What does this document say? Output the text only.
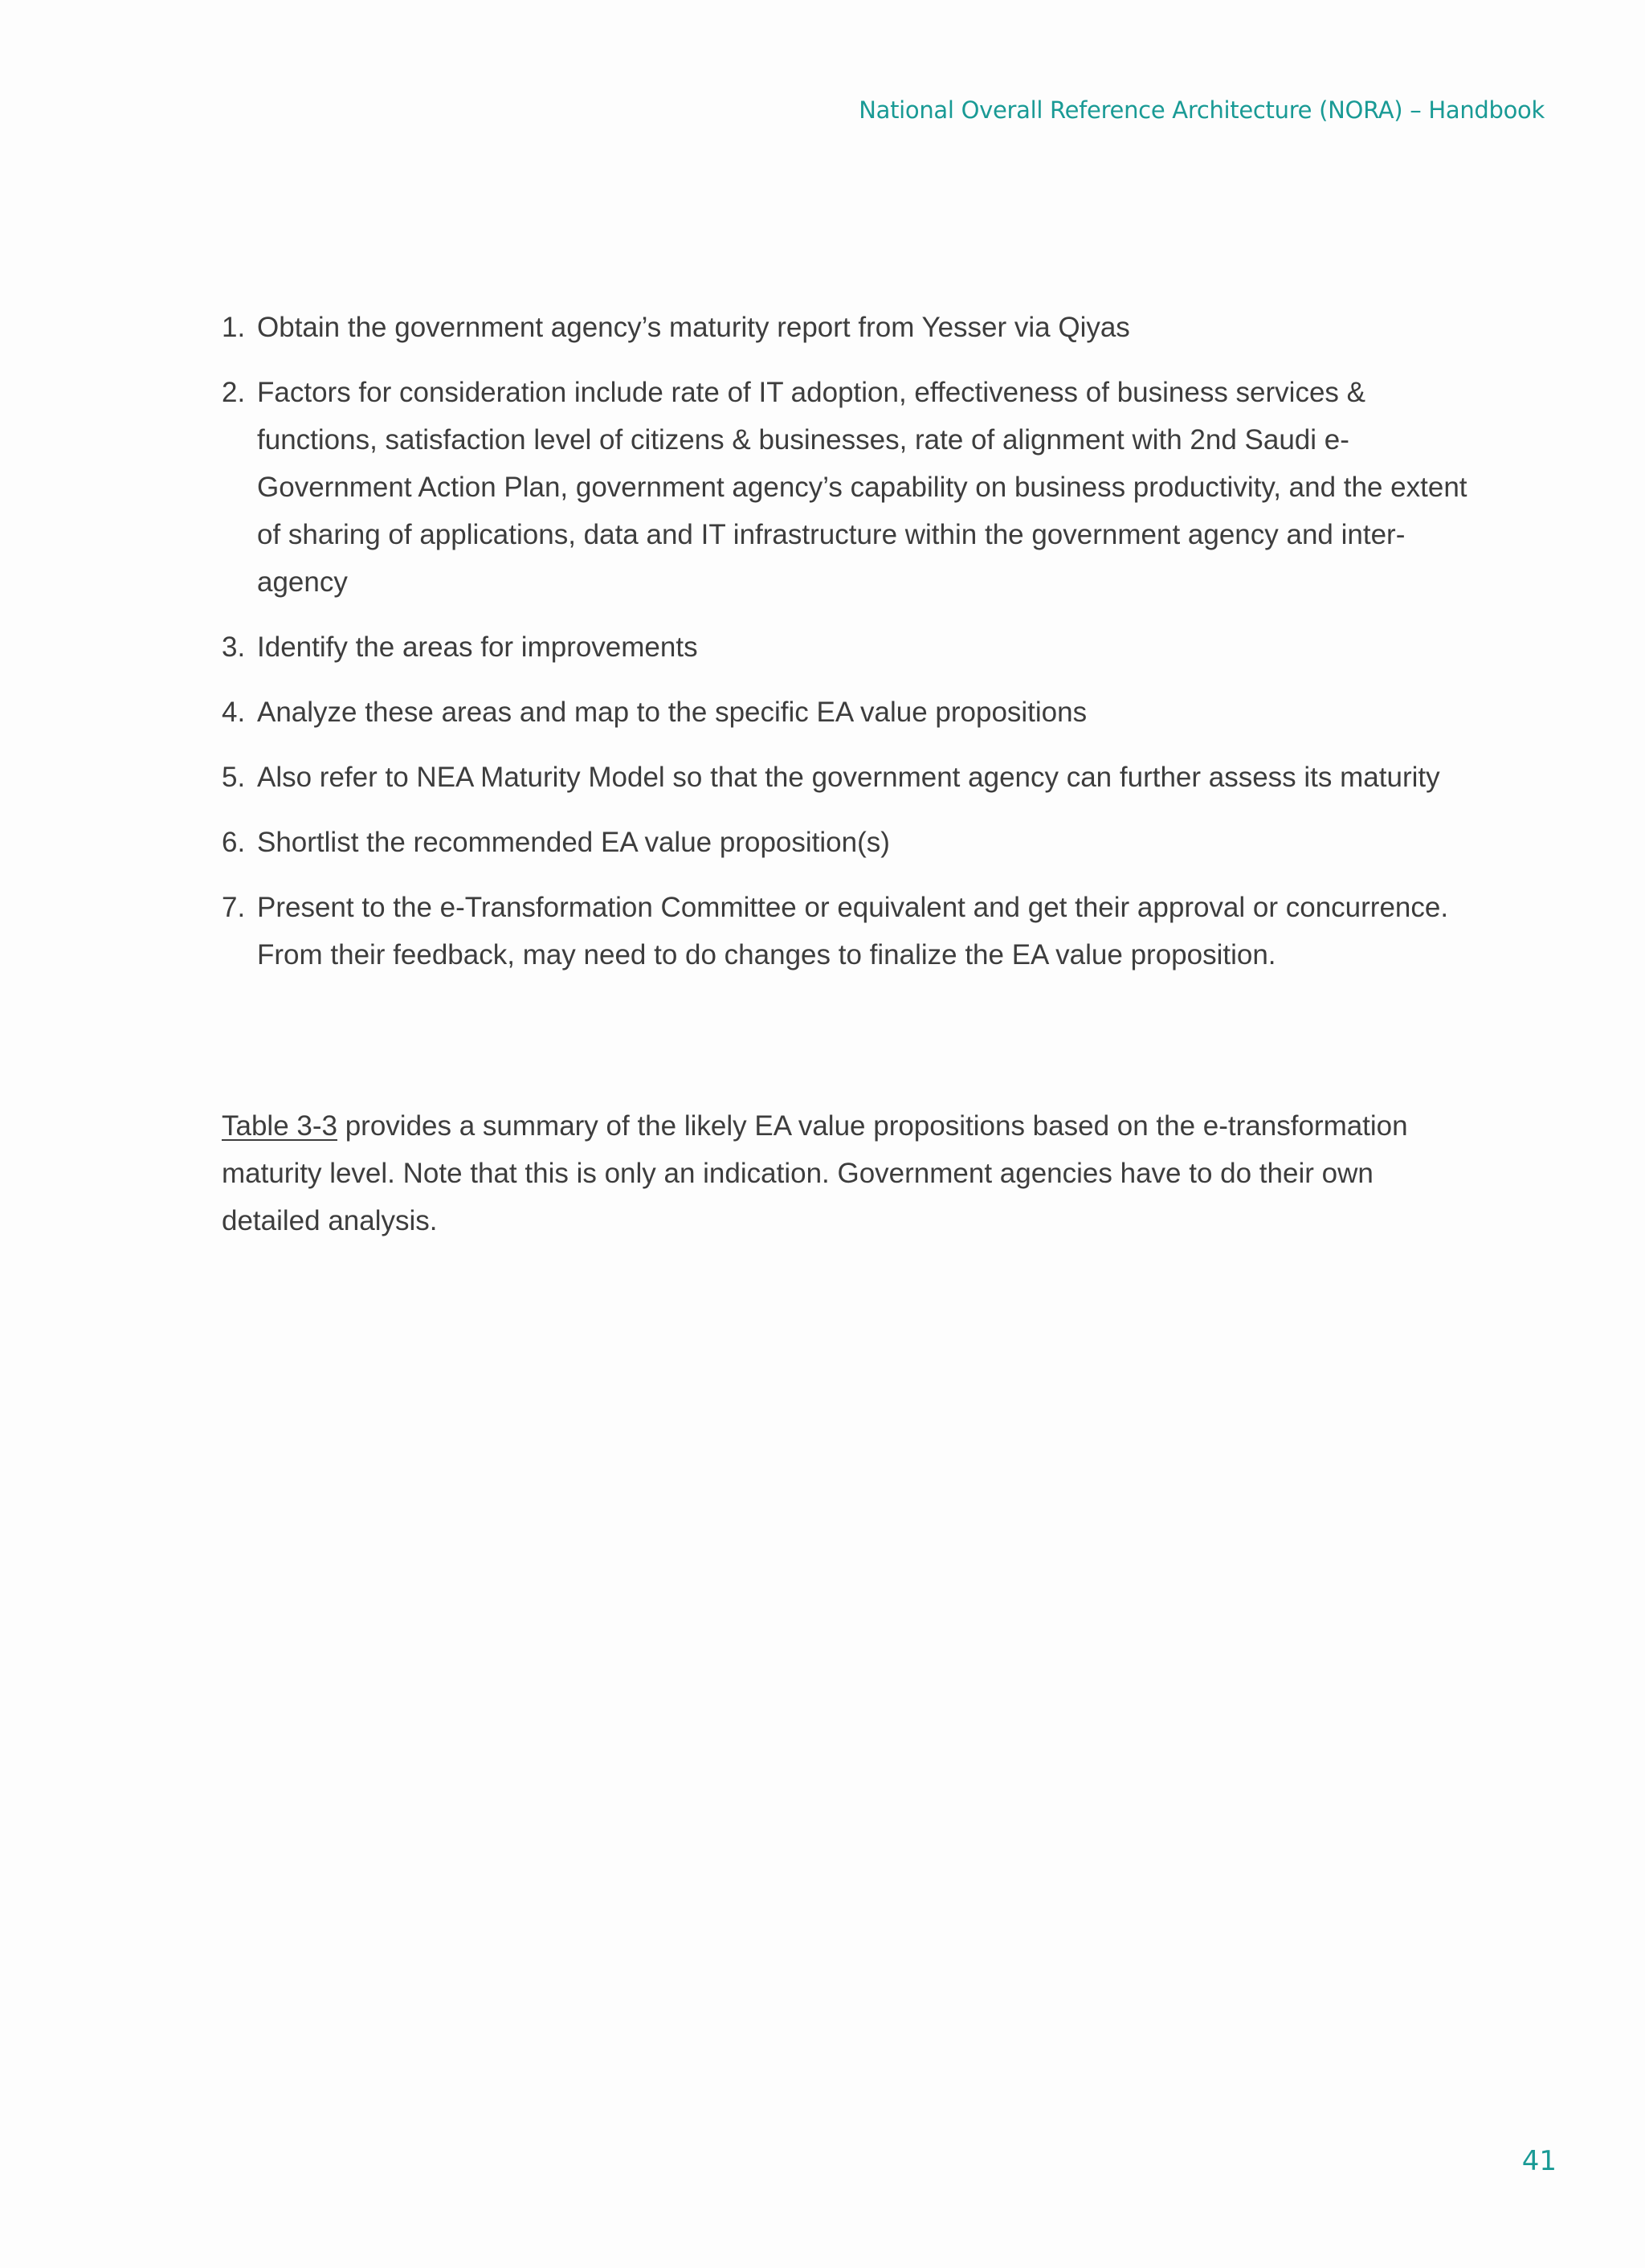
National Overall Reference Architecture (NORA) – Handbook
1. Obtain the government agency’s maturity report from Yesser via Qiyas
2. Factors for consideration include rate of IT adoption, effectiveness of business services & functions, satisfaction level of citizens & businesses, rate of alignment with 2nd Saudi e-Government Action Plan, government agency’s capability on business productivity, and the extent of sharing of applications, data and IT infrastructure within the government agency and inter-agency
3. Identify the areas for improvements
4. Analyze these areas and map to the specific EA value propositions
5. Also refer to NEA Maturity Model so that the government agency can further assess its maturity
6. Shortlist the recommended EA value proposition(s)
7. Present to the e-Transformation Committee or equivalent and get their approval or concurrence. From their feedback, may need to do changes to finalize the EA value proposition.

Table 3-3 provides a summary of the likely EA value propositions based on the e-transformation maturity level. Note that this is only an indication. Government agencies have to do their own detailed analysis.

41
